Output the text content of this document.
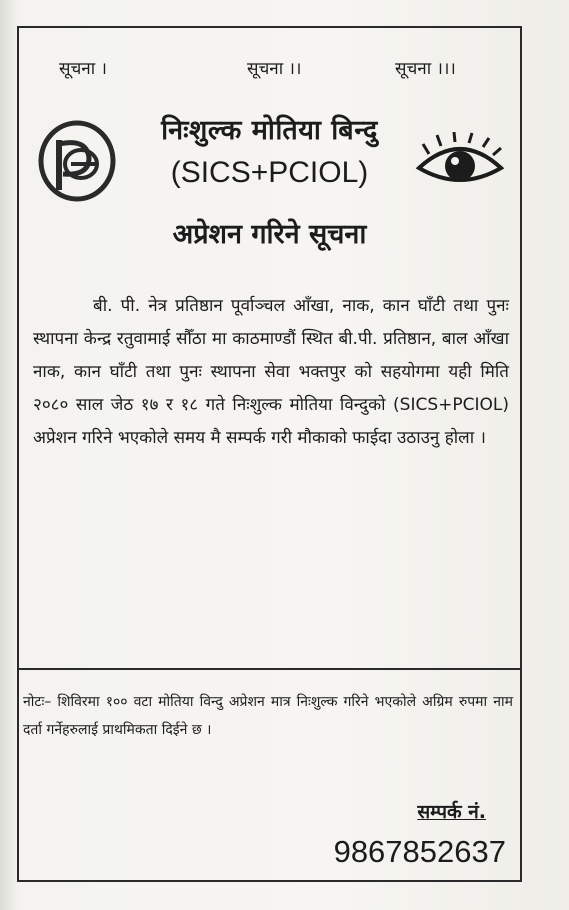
सूचना ।	सूचना ।।	सूचना ।।।
निःशुल्क मोतिया बिन्दु
(SICS+PCIOL)
अप्रेशन गरिने सूचना
बी. पी. नेत्र प्रतिष्ठान पूर्वाञ्चल आँखा, नाक, कान घाँटी तथा पुनः स्थापना केन्द्र रतुवामाई सौँठा मा काठमाण्डौं स्थित बी.पी. प्रतिष्ठान, बाल आँखा नाक, कान घाँटी तथा पुनः स्थापना सेवा भक्तपुर को सहयोगमा यही मिति २०८० साल जेठ १७ र १८ गते निःशुल्क मोतिया विन्दुको (SICS+PCIOL) अप्रेशन गरिने भएकोले समय मै सम्पर्क गरी मौकाको फाईदा उठाउनु होला ।
नोटः– शिविरमा १०० वटा मोतिया विन्दु अप्रेशन मात्र निःशुल्क गरिने भएकोले अग्रिम रुपमा नाम दर्ता गर्नेहरुलाई प्राथमिकता दिईने छ ।
सम्पर्क नं.
9867852637
